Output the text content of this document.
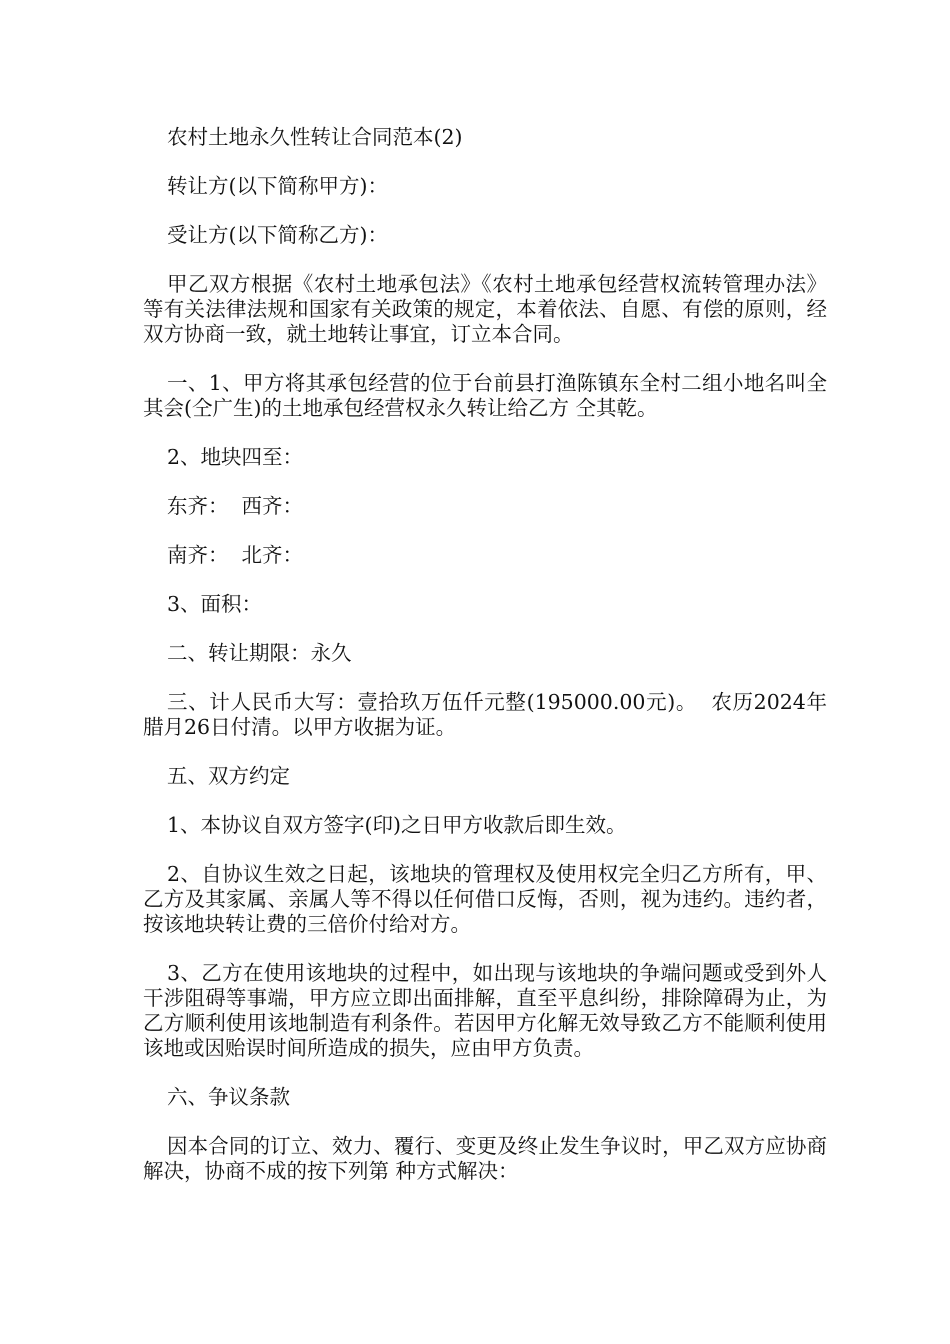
农村土地永久性转让合同范本(2)

转让方(以下简称甲方)：

受让方(以下简称乙方)：

甲乙双方根据《农村土地承包法》《农村土地承包经营权流转管理办法》等有关法律法规和国家有关政策的规定，本着依法、自愿、有偿的原则，经双方协商一致，就土地转让事宜，订立本合同。

一、1、甲方将其承包经营的位于台前县打渔陈镇东全村二组小地名叫全其会(仝广生)的土地承包经营权永久转让给乙方 仝其乾。

2、地块四至：

东齐：  西齐：

南齐：  北齐：

3、面积：

二、转让期限：永久

三、计人民币大写：壹拾玖万伍仟元整(195000.00元)。  农历2024年腊月26日付清。以甲方收据为证。

五、双方约定

1、本协议自双方签字(印)之日甲方收款后即生效。

2、自协议生效之日起，该地块的管理权及使用权完全归乙方所有，甲、乙方及其家属、亲属人等不得以任何借口反悔，否则，视为违约。违约者，按该地块转让费的三倍价付给对方。

3、乙方在使用该地块的过程中，如出现与该地块的争端问题或受到外人干涉阻碍等事端，甲方应立即出面排解，直至平息纠纷，排除障碍为止，为乙方顺利使用该地制造有利条件。若因甲方化解无效导致乙方不能顺利使用该地或因贻误时间所造成的损失，应由甲方负责。

六、争议条款

因本合同的订立、效力、覆行、变更及终止发生争议时，甲乙双方应协商解决，协商不成的按下列第 种方式解决：
